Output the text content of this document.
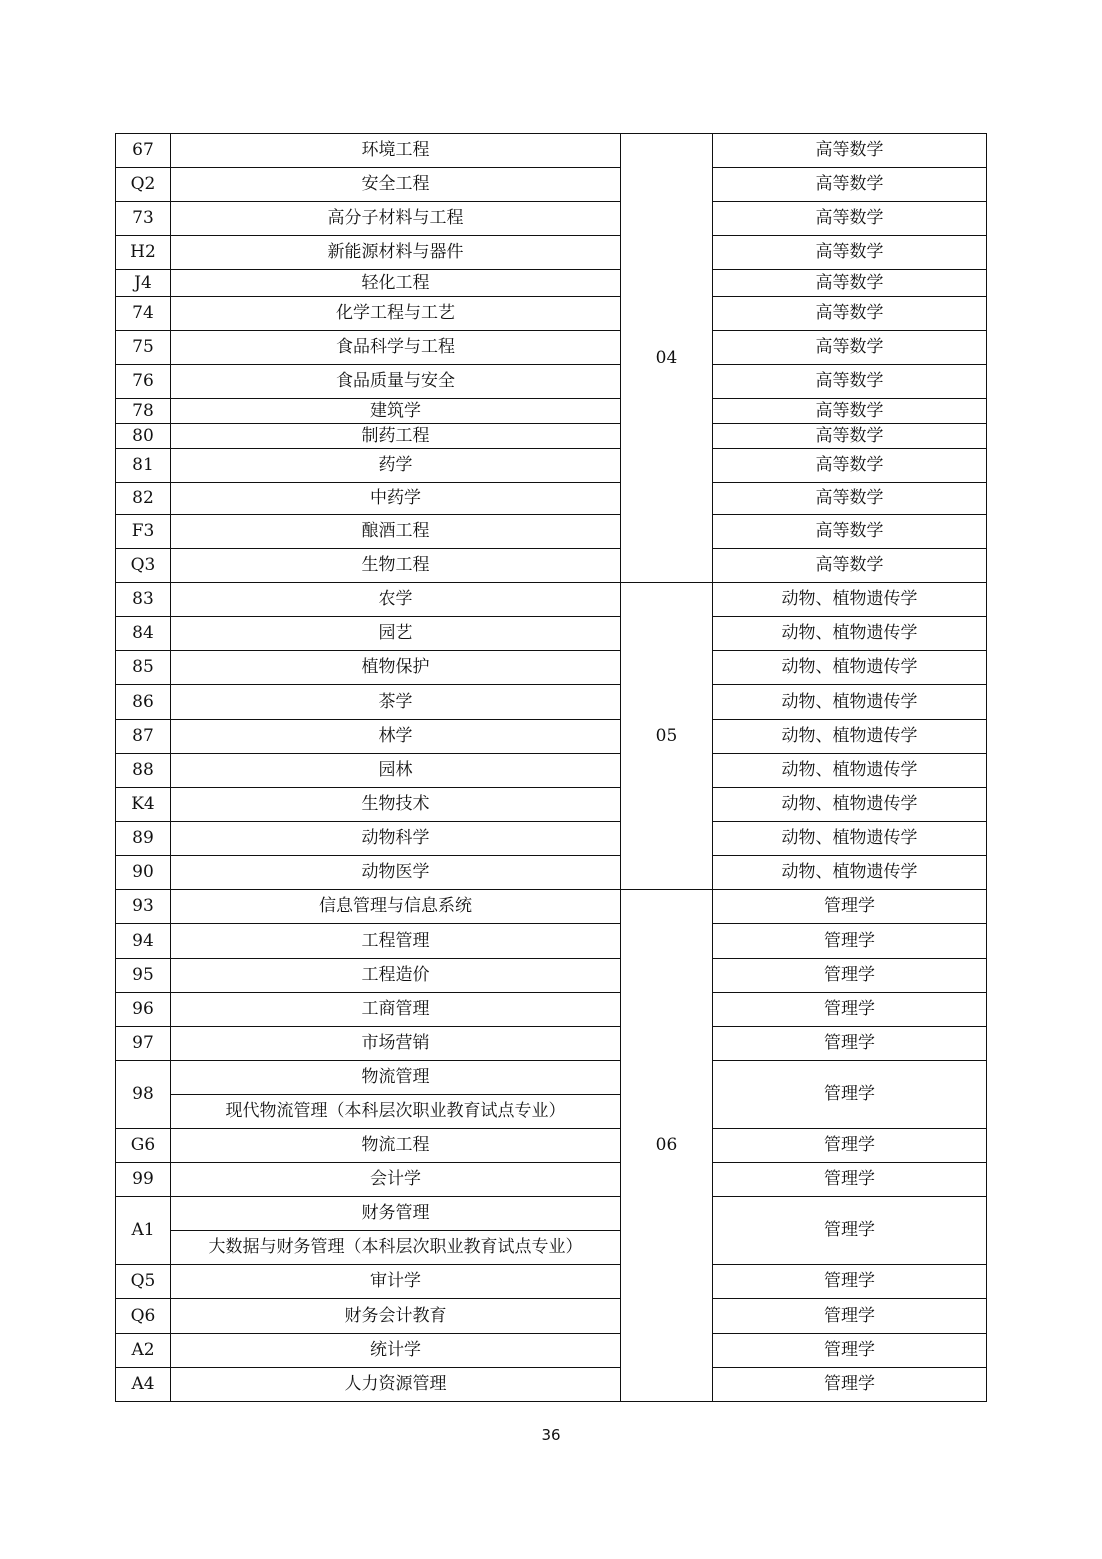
67	环境工程	04	高等数学
Q2	安全工程		高等数学
73	高分子材料与工程		高等数学
H2	新能源材料与器件		高等数学
J4	轻化工程		高等数学
74	化学工程与工艺		高等数学
75	食品科学与工程		高等数学
76	食品质量与安全		高等数学
78	建筑学		高等数学
80	制药工程		高等数学
81	药学		高等数学
82	中药学		高等数学
F3	酿酒工程		高等数学
Q3	生物工程		高等数学
83	农学	05	动物、植物遗传学
84	园艺		动物、植物遗传学
85	植物保护		动物、植物遗传学
86	茶学		动物、植物遗传学
87	林学		动物、植物遗传学
88	园林		动物、植物遗传学
K4	生物技术		动物、植物遗传学
89	动物科学		动物、植物遗传学
90	动物医学		动物、植物遗传学
93	信息管理与信息系统	06	管理学
94	工程管理		管理学
95	工程造价		管理学
96	工商管理		管理学
97	市场营销		管理学
98	物流管理		管理学
	现代物流管理（本科层次职业教育试点专业）		
G6	物流工程		管理学
99	会计学		管理学
A1	财务管理		管理学
	大数据与财务管理（本科层次职业教育试点专业）		
Q5	审计学		管理学
Q6	财务会计教育		管理学
A2	统计学		管理学
A4	人力资源管理		管理学
36
